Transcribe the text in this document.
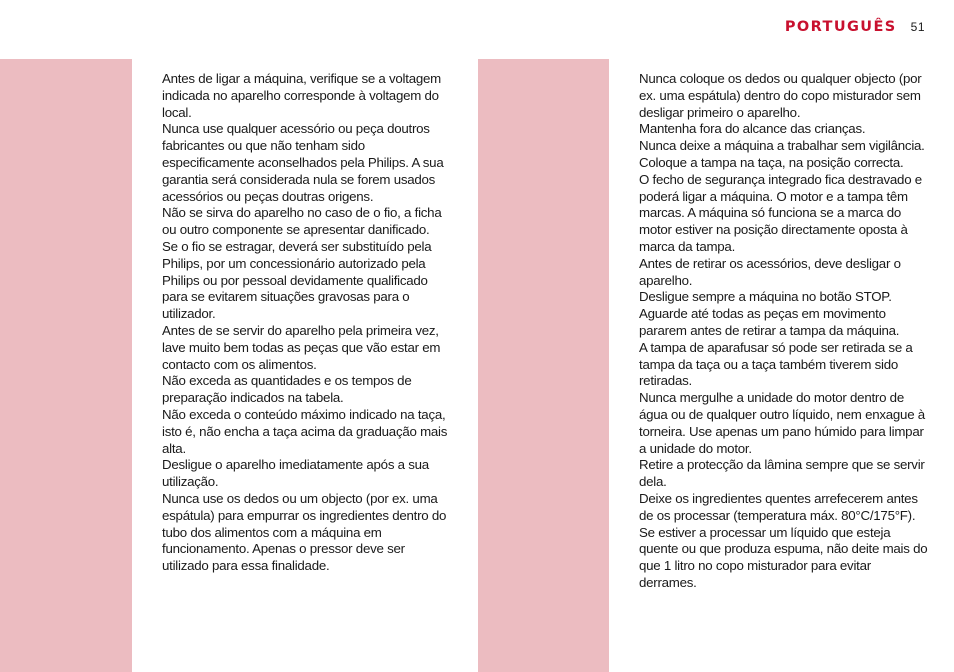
PORTUGUÊS 51

Antes de ligar a máquina, verifique se a voltagem indicada no aparelho corresponde à voltagem do local.

Nunca use qualquer acessório ou peça doutros fabricantes ou que não tenham sido especificamente aconselhados pela Philips. A sua garantia será considerada nula se forem usados acessórios ou peças doutras origens.

Não se sirva do aparelho no caso de o fio, a ficha ou outro componente se apresentar danificado.

Se o fio se estragar, deverá ser substituído pela Philips, por um concessionário autorizado pela Philips ou por pessoal devidamente qualificado para se evitarem situações gravosas para o utilizador.

Antes de se servir do aparelho pela primeira vez, lave muito bem todas as peças que vão estar em contacto com os alimentos.

Não exceda as quantidades e os tempos de preparação indicados na tabela.

Não exceda o conteúdo máximo indicado na taça, isto é, não encha a taça acima da graduação mais alta.

Desligue o aparelho imediatamente após a sua utilização.

Nunca use os dedos ou um objecto (por ex. uma espátula) para empurrar os ingredientes dentro do tubo dos alimentos com a máquina em funcionamento. Apenas o pressor deve ser utilizado para essa finalidade.

Nunca coloque os dedos ou qualquer objecto (por ex. uma espátula) dentro do copo misturador sem desligar primeiro o aparelho.

Mantenha fora do alcance das crianças.

Nunca deixe a máquina a trabalhar sem vigilância.

Coloque a tampa na taça, na posição correcta.

O fecho de segurança integrado fica destravado e poderá ligar a máquina. O motor e a tampa têm marcas. A máquina só funciona se a marca do motor estiver na posição directamente oposta à marca da tampa.

Antes de retirar os acessórios, deve desligar o aparelho.

Desligue sempre a máquina no botão STOP.

Aguarde até todas as peças em movimento pararem antes de retirar a tampa da máquina.

A tampa de aparafusar só pode ser retirada se a tampa da taça ou a taça também tiverem sido retiradas.

Nunca mergulhe a unidade do motor dentro de água ou de qualquer outro líquido, nem enxague à torneira. Use apenas um pano húmido para limpar a unidade do motor.

Retire a protecção da lâmina sempre que se servir dela.

Deixe os ingredientes quentes arrefecerem antes de os processar (temperatura máx. 80°C/175°F).

Se estiver a processar um líquido que esteja quente ou que produza espuma, não deite mais do que 1 litro no copo misturador para evitar derrames.
